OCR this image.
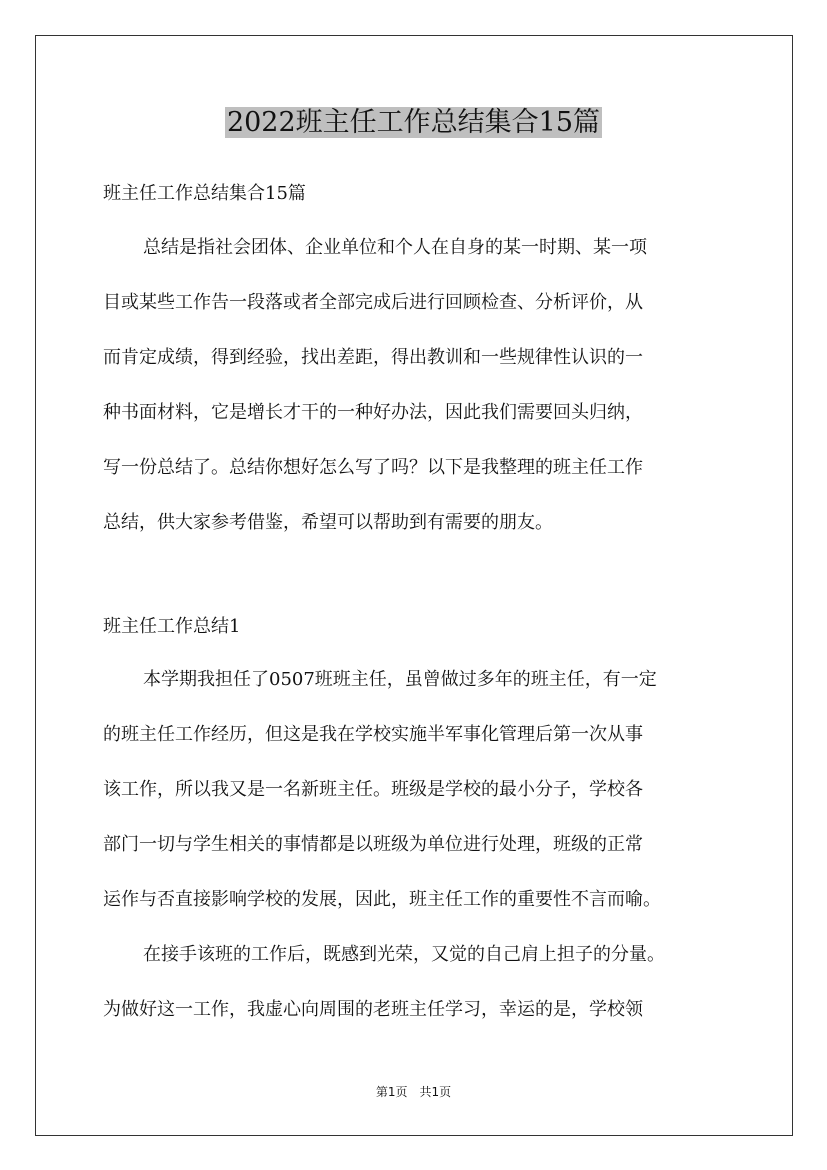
2022班主任工作总结集合15篇
班主任工作总结集合15篇
总结是指社会团体、企业单位和个人在自身的某一时期、某一项
目或某些工作告一段落或者全部完成后进行回顾检查、分析评价，从
而肯定成绩，得到经验，找出差距，得出教训和一些规律性认识的一
种书面材料，它是增长才干的一种好办法，因此我们需要回头归纳，
写一份总结了。总结你想好怎么写了吗？以下是我整理的班主任工作
总结，供大家参考借鉴，希望可以帮助到有需要的朋友。
班主任工作总结1
本学期我担任了0507班班主任，虽曾做过多年的班主任，有一定
的班主任工作经历，但这是我在学校实施半军事化管理后第一次从事
该工作，所以我又是一名新班主任。班级是学校的最小分子，学校各
部门一切与学生相关的事情都是以班级为单位进行处理，班级的正常
运作与否直接影响学校的发展，因此，班主任工作的重要性不言而喻。
在接手该班的工作后，既感到光荣，又觉的自己肩上担子的分量。
为做好这一工作，我虚心向周围的老班主任学习，幸运的是，学校领
第1页　共1页
